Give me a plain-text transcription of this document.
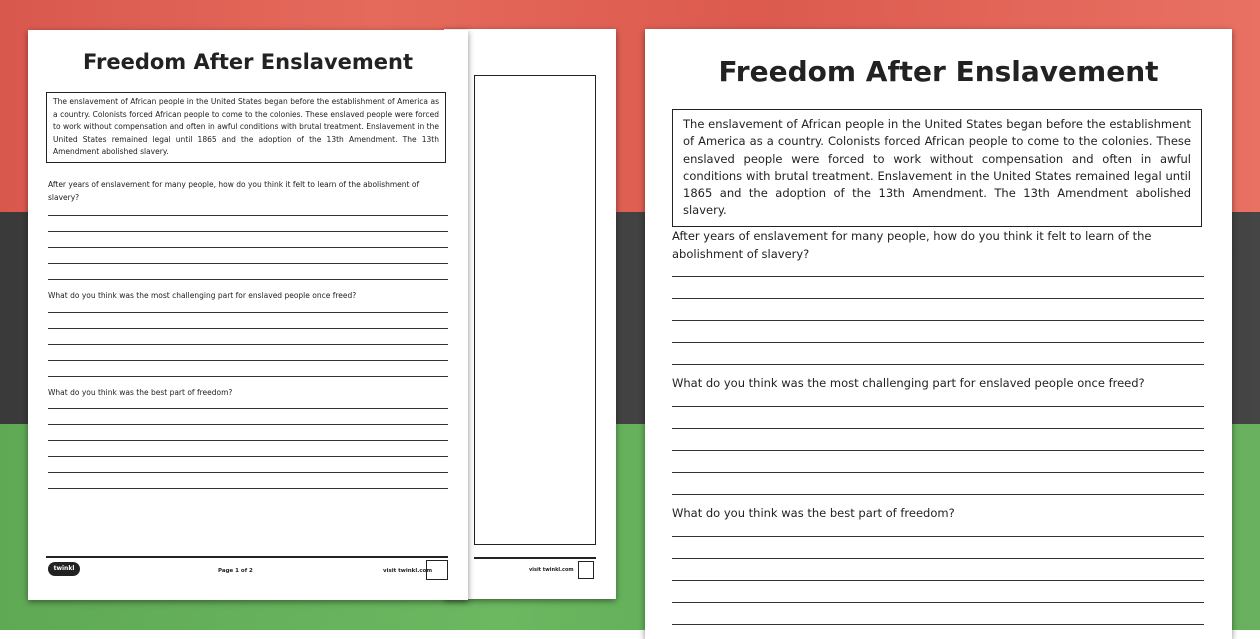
visit twinkl.com
Freedom After Enslavement
The enslavement of African people in the United States began before the establishment of America as a country. Colonists forced African people to come to the colonies. These enslaved people were forced to work without compensation and often in awful conditions with brutal treatment. Enslavement in the United States remained legal until 1865 and the adoption of the 13th Amendment. The 13th Amendment abolished slavery.
After years of enslavement for many people, how do you think it felt to learn of the abolishment of slavery?
What do you think was the most challenging part for enslaved people once freed?
What do you think was the best part of freedom?
twinkl	Page 1 of 2	visit twinkl.com
Freedom After Enslavement
The enslavement of African people in the United States began before the establishment of America as a country. Colonists forced African people to come to the colonies. These enslaved people were forced to work without compensation and often in awful conditions with brutal treatment. Enslavement in the United States remained legal until 1865 and the adoption of the 13th Amendment. The 13th Amendment abolished slavery.
After years of enslavement for many people, how do you think it felt to learn of the abolishment of slavery?
What do you think was the most challenging part for enslaved people once freed?
What do you think was the best part of freedom?
